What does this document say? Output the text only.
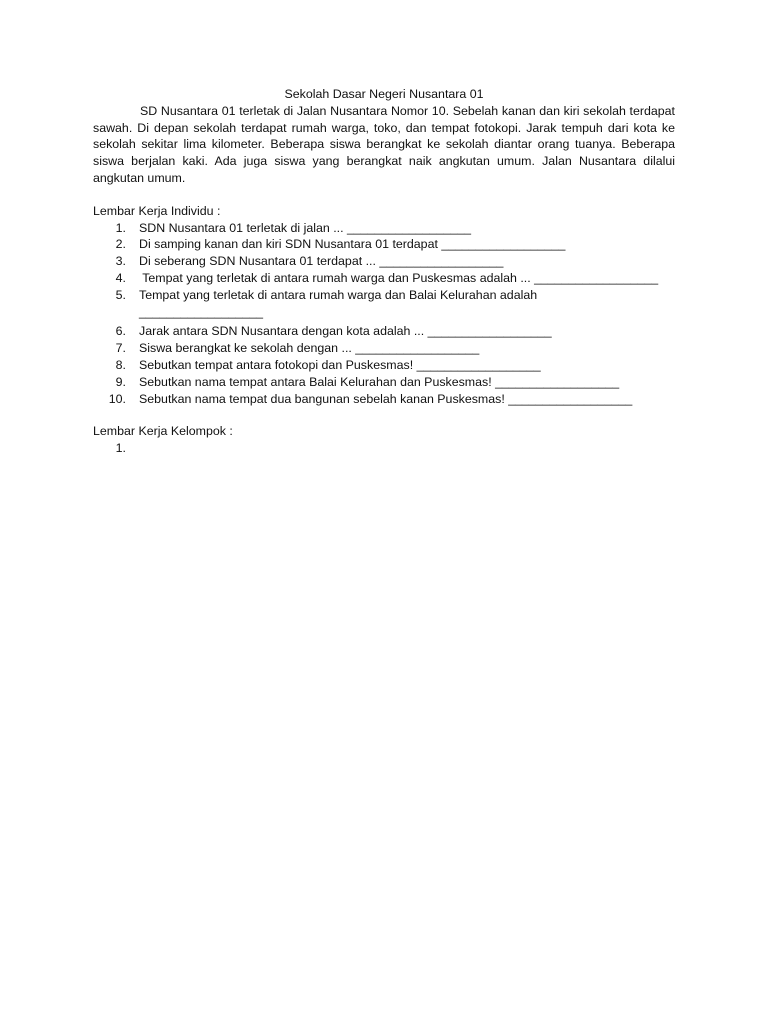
Sekolah Dasar Negeri Nusantara 01

SD Nusantara 01 terletak di Jalan Nusantara Nomor 10. Sebelah kanan dan kiri sekolah terdapat sawah. Di depan sekolah terdapat rumah warga, toko, dan tempat fotokopi. Jarak tempuh dari kota ke sekolah sekitar lima kilometer. Beberapa siswa berangkat ke sekolah diantar orang tuanya. Beberapa siswa berjalan kaki. Ada juga siswa yang berangkat naik angkutan umum. Jalan Nusantara dilalui angkutan umum.

Lembar Kerja Individu :

1. SDN Nusantara 01 terletak di jalan ... __________________
2. Di samping kanan dan kiri SDN Nusantara 01 terdapat __________________
3. Di seberang SDN Nusantara 01 terdapat ... __________________
4. Tempat yang terletak di antara rumah warga dan Puskesmas adalah ... __________________
5. Tempat yang terletak di antara rumah warga dan Balai Kelurahan adalah
__________________
6. Jarak antara SDN Nusantara dengan kota adalah ... __________________
7. Siswa berangkat ke sekolah dengan ... __________________
8. Sebutkan tempat antara fotokopi dan Puskesmas! __________________
9. Sebutkan nama tempat antara Balai Kelurahan dan Puskesmas! __________________
10. Sebutkan nama tempat dua bangunan sebelah kanan Puskesmas! __________________

Lembar Kerja Kelompok :

1.
